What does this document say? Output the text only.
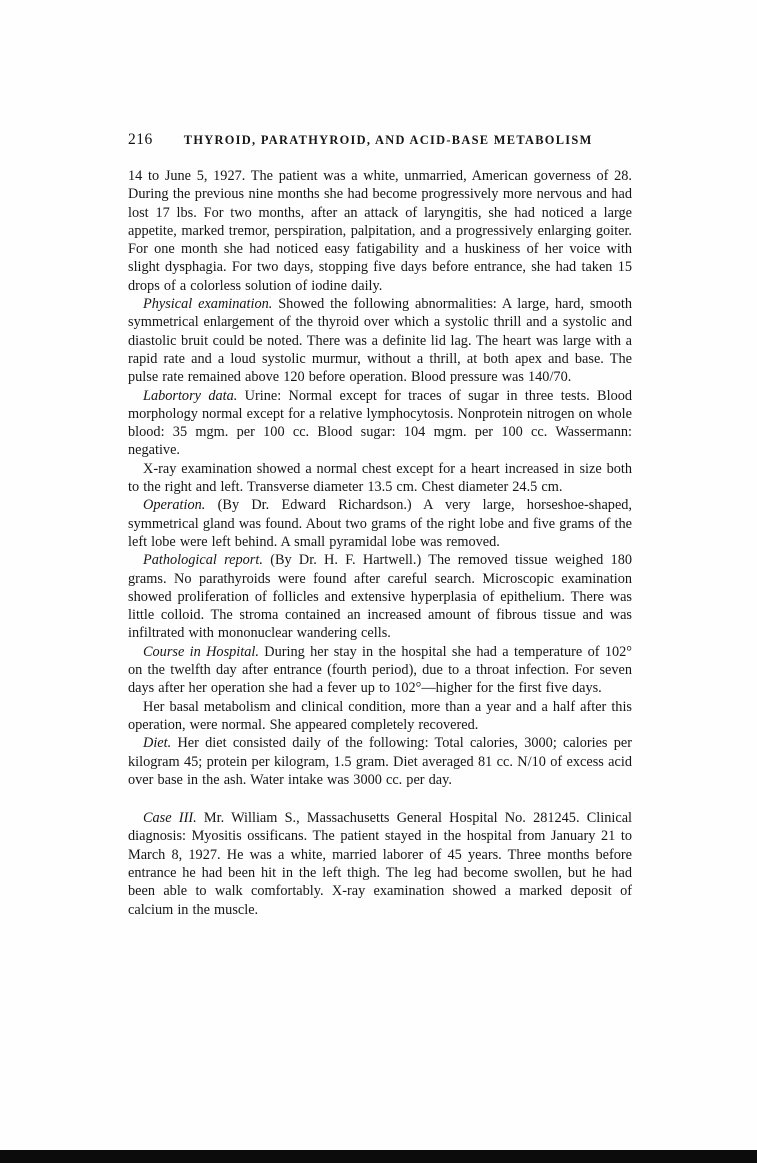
216	THYROID, PARATHYROID, AND ACID-BASE METABOLISM

14 to June 5, 1927. The patient was a white, unmarried, American governess of 28. During the previous nine months she had become progressively more nervous and had lost 17 lbs. For two months, after an attack of laryngitis, she had noticed a large appetite, marked tremor, perspiration, palpitation, and a progressively enlarging goiter. For one month she had noticed easy fatigability and a huskiness of her voice with slight dysphagia. For two days, stopping five days before entrance, she had taken 15 drops of a colorless solution of iodine daily.

Physical examination. Showed the following abnormalities: A large, hard, smooth symmetrical enlargement of the thyroid over which a systolic thrill and a systolic and diastolic bruit could be noted. There was a definite lid lag. The heart was large with a rapid rate and a loud systolic murmur, without a thrill, at both apex and base. The pulse rate remained above 120 before operation. Blood pressure was 140/70.

Labortory data. Urine: Normal except for traces of sugar in three tests. Blood morphology normal except for a relative lymphocytosis. Nonprotein nitrogen on whole blood: 35 mgm. per 100 cc. Blood sugar: 104 mgm. per 100 cc. Wassermann: negative.

X-ray examination showed a normal chest except for a heart increased in size both to the right and left. Transverse diameter 13.5 cm. Chest diameter 24.5 cm.

Operation. (By Dr. Edward Richardson.) A very large, horseshoe-shaped, symmetrical gland was found. About two grams of the right lobe and five grams of the left lobe were left behind. A small pyramidal lobe was removed.

Pathological report. (By Dr. H. F. Hartwell.) The removed tissue weighed 180 grams. No parathyroids were found after careful search. Microscopic examination showed proliferation of follicles and extensive hyperplasia of epithelium. There was little colloid. The stroma contained an increased amount of fibrous tissue and was infiltrated with mononuclear wandering cells.

Course in Hospital. During her stay in the hospital she had a temperature of 102° on the twelfth day after entrance (fourth period), due to a throat infection. For seven days after her operation she had a fever up to 102°—higher for the first five days.

Her basal metabolism and clinical condition, more than a year and a half after this operation, were normal. She appeared completely recovered.

Diet. Her diet consisted daily of the following: Total calories, 3000; calories per kilogram 45; protein per kilogram, 1.5 gram. Diet averaged 81 cc. N/10 of excess acid over base in the ash. Water intake was 3000 cc. per day.

Case III. Mr. William S., Massachusetts General Hospital No. 281245. Clinical diagnosis: Myositis ossificans. The patient stayed in the hospital from January 21 to March 8, 1927. He was a white, married laborer of 45 years. Three months before entrance he had been hit in the left thigh. The leg had become swollen, but he had been able to walk comfortably. X-ray examination showed a marked deposit of calcium in the muscle.
